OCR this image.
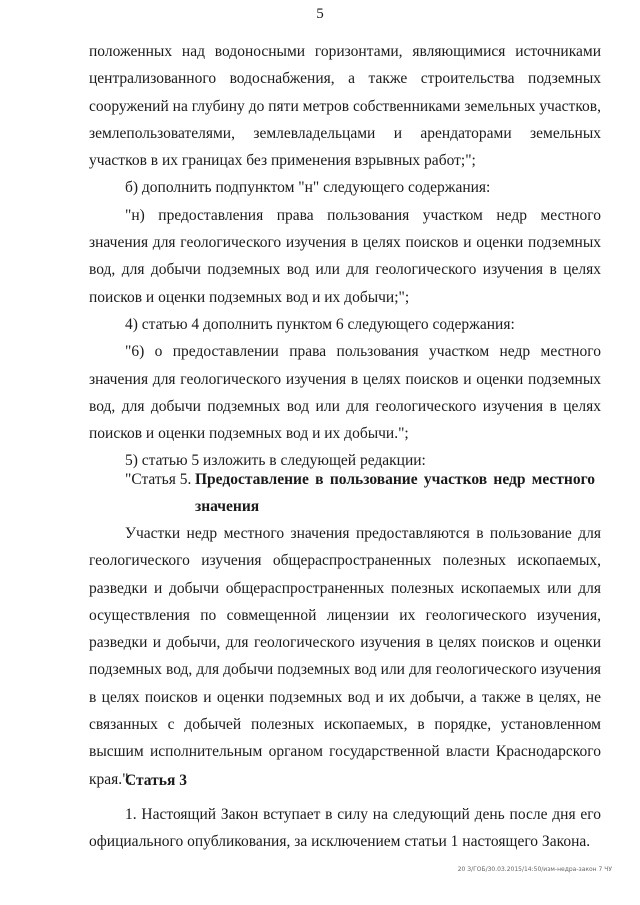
5

положенных над водоносными горизонтами, являющимися источниками централизованного водоснабжения, а также строительства подземных сооружений на глубину до пяти метров собственниками земельных участков, землепользователями, землевладельцами и арендаторами земельных участков в их границах без применения взрывных работ;";

б) дополнить подпунктом "н" следующего содержания:

"н) предоставления права пользования участком недр местного значения для геологического изучения в целях поисков и оценки подземных вод, для добычи подземных вод или для геологического изучения в целях поисков и оценки подземных вод и их добычи;";

4) статью 4 дополнить пунктом 6 следующего содержания:

"6) о предоставлении права пользования участком недр местного значения для геологического изучения в целях поисков и оценки подземных вод, для добычи подземных вод или для геологического изучения в целях поисков и оценки подземных вод и их добычи.";

5) статью 5 изложить в следующей редакции:

"Статья 5. Предоставление в пользование участков недр местного значения

Участки недр местного значения предоставляются в пользование для геологического изучения общераспространенных полезных ископаемых, разведки и добычи общераспространенных полезных ископаемых или для осуществления по совмещенной лицензии их геологического изучения, разведки и добычи, для геологического изучения в целях поисков и оценки подземных вод, для добычи подземных вод или для геологического изучения в целях поисков и оценки подземных вод и их добычи, а также в целях, не связанных с добычей полезных ископаемых, в порядке, установленном высшим исполнительным органом государственной власти Краснодарского края.".

Статья 3

1. Настоящий Закон вступает в силу на следующий день после дня его официального опубликования, за исключением статьи 1 настоящего Закона.

20 З/ГОБ/30.03.2015/14:50/изм-недра-закон 7 ЧУ
